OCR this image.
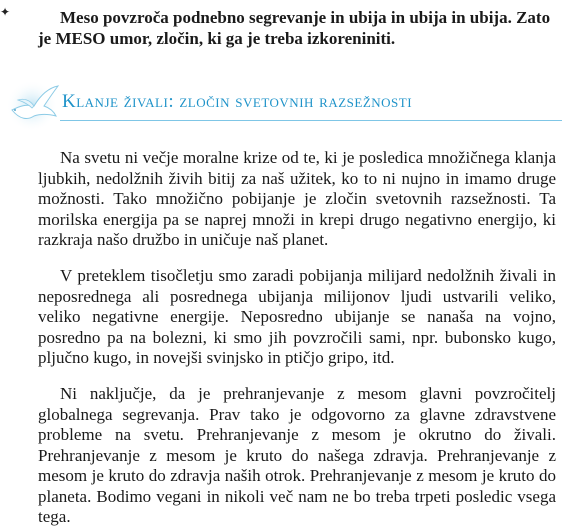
✦	Meso povzroča podnebno segrevanje in ubija in ubija in ubija. Zato je MESO umor, zločin, ki ga je treba izkoreniniti.

Klanje živali: zločin svetovnih razsežnosti

Na svetu ni večje moralne krize od te, ki je posledica množičnega klanja ljubkih, nedolžnih živih bitij za naš užitek, ko to ni nujno in imamo druge možnosti. Tako množično pobijanje je zločin svetovnih razsežnosti. Ta morilska energija pa se naprej množi in krepi drugo negativno energijo, ki razkraja našo družbo in uničuje naš planet.

V preteklem tisočletju smo zaradi pobijanja milijard nedolžnih živali in neposrednega ali posrednega ubijanja milijonov ljudi ustvarili veliko, veliko negativne energije. Neposredno ubijanje se nanaša na vojno, posredno pa na bolezni, ki smo jih povzročili sami, npr. bubonsko kugo, pljučno kugo, in novejši svinjsko in ptičjo gripo, itd.

Ni naključje, da je prehranjevanje z mesom glavni povzročitelj globalnega segrevanja. Prav tako je odgovorno za glavne zdravstvene probleme na svetu. Prehranjevanje z mesom je okrutno do živali. Prehranjevanje z mesom je kruto do našega zdravja. Prehranjevanje z mesom je kruto do zdravja naših otrok. Prehranjevanje z mesom je kruto do planeta. Bodimo vegani in nikoli več nam ne bo treba trpeti posledic vsega tega.
